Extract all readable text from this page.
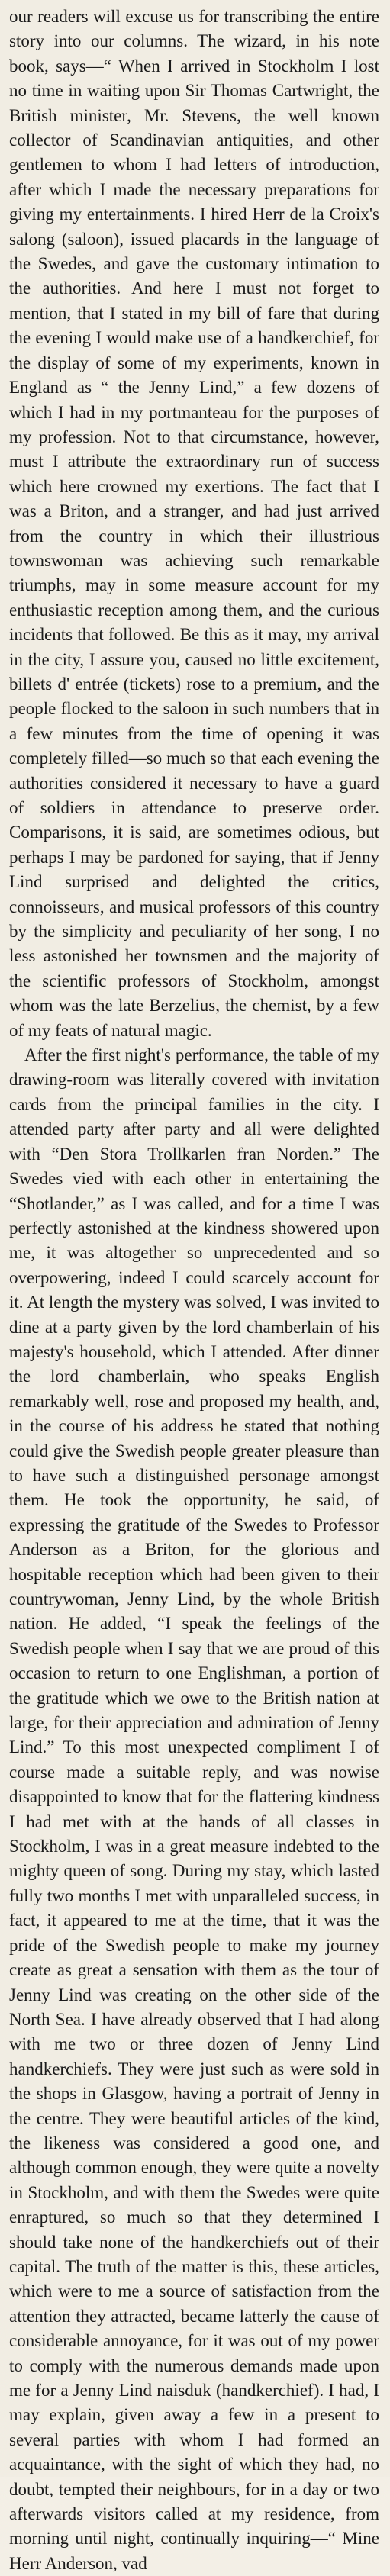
our readers will excuse us for transcribing the entire story into our columns. The wizard, in his note book, says—“ When I arrived in Stockholm I lost no time in waiting upon Sir Thomas Cartwright, the British minister, Mr. Stevens, the well known collector of Scandinavian antiquities, and other gentlemen to whom I had letters of introduction, after which I made the necessary preparations for giving my entertainments. I hired Herr de la Croix's salong (saloon), issued placards in the language of the Swedes, and gave the customary intimation to the authorities. And here I must not forget to mention, that I stated in my bill of fare that during the evening I would make use of a handkerchief, for the display of some of my experiments, known in England as “ the Jenny Lind,” a few dozens of which I had in my portmanteau for the purposes of my profession. Not to that circumstance, however, must I attribute the extraordinary run of success which here crowned my exertions. The fact that I was a Briton, and a stranger, and had just arrived from the country in which their illustrious townswoman was achieving such remarkable triumphs, may in some measure account for my enthusiastic reception among them, and the curious incidents that followed. Be this as it may, my arrival in the city, I assure you, caused no little excitement, billets d' entrée (tickets) rose to a premium, and the people flocked to the saloon in such numbers that in a few minutes from the time of opening it was completely filled—so much so that each evening the authorities considered it necessary to have a guard of soldiers in attendance to preserve order. Comparisons, it is said, are sometimes odious, but perhaps I may be pardoned for saying, that if Jenny Lind surprised and delighted the critics, connoisseurs, and musical professors of this country by the simplicity and peculiarity of her song, I no less astonished her townsmen and the majority of the scientific professors of Stockholm, amongst whom was the late Berzelius, the chemist, by a few of my feats of natural magic.

After the first night's performance, the table of my drawing-room was literally covered with invitation cards from the principal families in the city. I attended party after party and all were delighted with “Den Stora Trollkarlen fran Norden.” The Swedes vied with each other in entertaining the “Shotlander,” as I was called, and for a time I was perfectly astonished at the kindness showered upon me, it was altogether so unprecedented and so overpowering, indeed I could scarcely account for it. At length the mystery was solved, I was invited to dine at a party given by the lord chamberlain of his majesty's household, which I attended. After dinner the lord chamberlain, who speaks English remarkably well, rose and proposed my health, and, in the course of his address he stated that nothing could give the Swedish people greater pleasure than to have such a distinguished personage amongst them. He took the opportunity, he said, of expressing the gratitude of the Swedes to Professor Anderson as a Briton, for the glorious and hospitable reception which had been given to their countrywoman, Jenny Lind, by the whole British nation. He added, “I speak the feelings of the Swedish people when I say that we are proud of this occasion to return to one Englishman, a portion of the gratitude which we owe to the British nation at large, for their appreciation and admiration of Jenny Lind.” To this most unexpected compliment I of course made a suitable reply, and was nowise disappointed to know that for the flattering kindness I had met with at the hands of all classes in Stockholm, I was in a great measure indebted to the mighty queen of song. During my stay, which lasted fully two months I met with unparalleled success, in fact, it appeared to me at the time, that it was the pride of the Swedish people to make my journey create as great a sensation with them as the tour of Jenny Lind was creating on the other side of the North Sea. I have already observed that I had along with me two or three dozen of Jenny Lind handkerchiefs. They were just such as were sold in the shops in Glasgow, having a portrait of Jenny in the centre. They were beautiful articles of the kind, the likeness was considered a good one, and although common enough, they were quite a novelty in Stockholm, and with them the Swedes were quite enraptured, so much so that they determined I should take none of the handkerchiefs out of their capital. The truth of the matter is this, these articles, which were to me a source of satisfaction from the attention they attracted, became latterly the cause of considerable annoyance, for it was out of my power to comply with the numerous demands made upon me for a Jenny Lind naisduk (handkerchief). I had, I may explain, given away a few in a present to several parties with whom I had formed an acquaintance, with the sight of which they had, no doubt, tempted their neighbours, for in a day or two afterwards visitors called at my residence, from morning until night, continually inquiring—“ Mine Herr Anderson, vad
